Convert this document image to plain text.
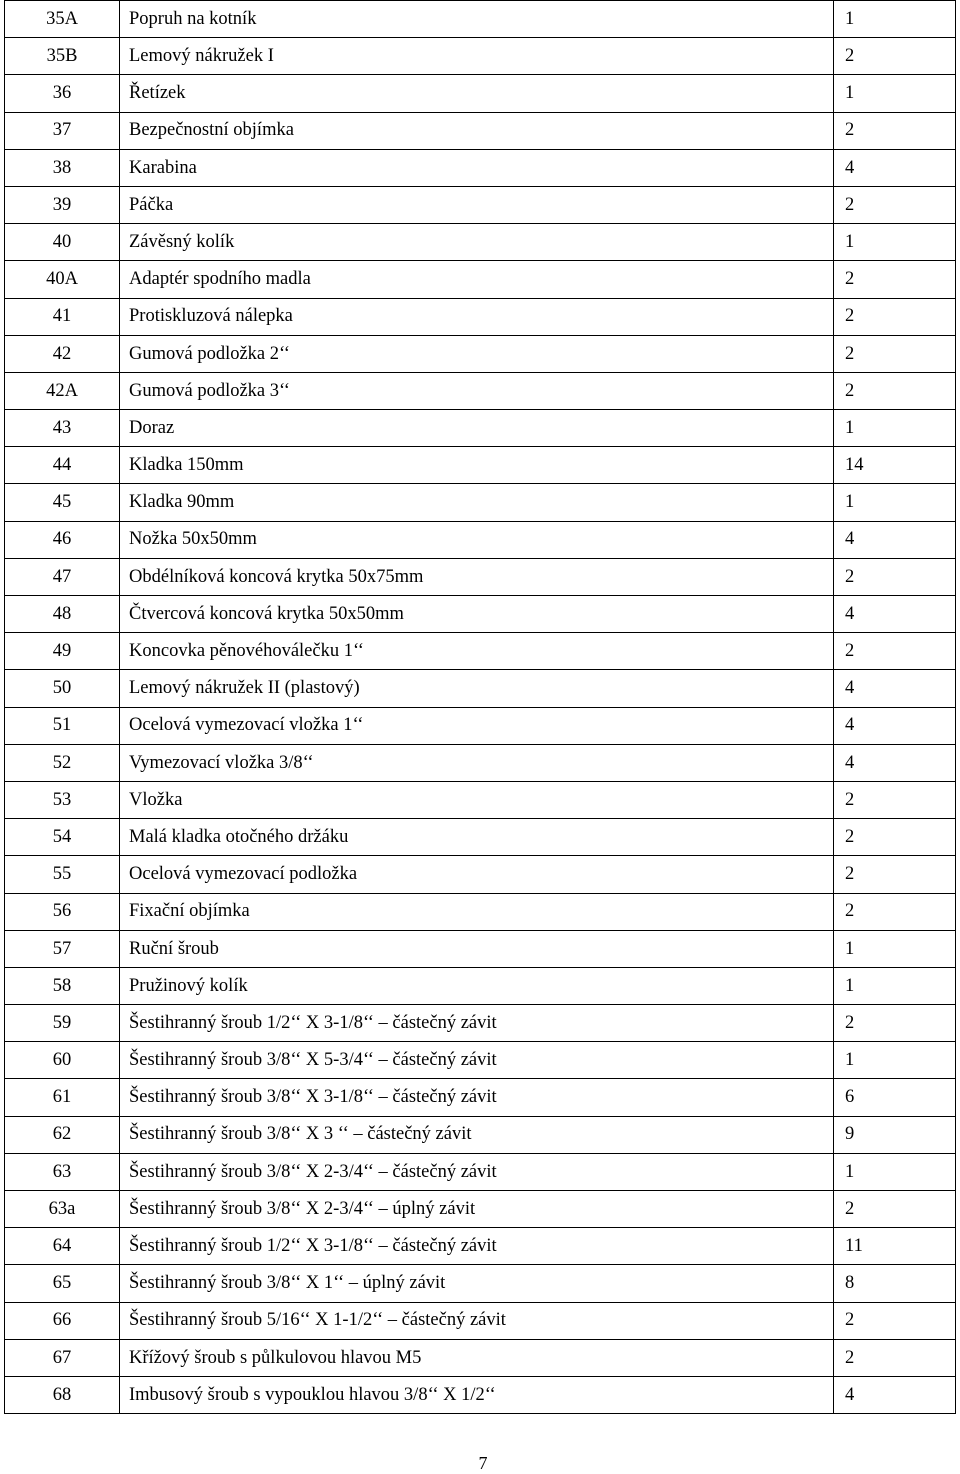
35A	Popruh na kotník	1
35B	Lemový nákružek I	2
36	Řetízek	1
37	Bezpečnostní objímka	2
38	Karabina	4
39	Páčka	2
40	Závěsný kolík	1
40A	Adaptér spodního madla	2
41	Protiskluzová nálepka	2
42	Gumová podložka 2‘‘	2
42A	Gumová podložka 3‘‘	2
43	Doraz	1
44	Kladka 150mm	14
45	Kladka 90mm	1
46	Nožka 50x50mm	4
47	Obdélníková koncová krytka 50x75mm	2
48	Čtvercová koncová krytka 50x50mm	4
49	Koncovka pěnovéhoválečku 1‘‘	2
50	Lemový nákružek II (plastový)	4
51	Ocelová vymezovací vložka 1‘‘	4
52	Vymezovací vložka 3/8‘‘	4
53	Vložka	2
54	Malá kladka otočného držáku	2
55	Ocelová vymezovací podložka	2
56	Fixační objímka	2
57	Ruční šroub	1
58	Pružinový kolík	1
59	Šestihranný šroub 1/2‘‘ X 3-1/8‘‘ – částečný závit	2
60	Šestihranný šroub 3/8‘‘ X 5-3/4‘‘ – částečný závit	1
61	Šestihranný šroub 3/8‘‘ X 3-1/8‘‘ – částečný závit	6
62	Šestihranný šroub 3/8‘‘ X 3 ‘‘ – částečný závit	9
63	Šestihranný šroub 3/8‘‘ X 2-3/4‘‘ – částečný závit	1
63a	Šestihranný šroub 3/8‘‘ X 2-3/4‘‘ – úplný závit	2
64	Šestihranný šroub 1/2‘‘ X 3-1/8‘‘ – částečný závit	11
65	Šestihranný šroub 3/8‘‘ X 1‘‘ – úplný závit	8
66	Šestihranný šroub 5/16‘‘ X 1-1/2‘‘ – částečný závit	2
67	Křížový šroub s půlkulovou hlavou M5	2
68	Imbusový šroub s vypouklou hlavou 3/8‘‘ X 1/2‘‘	4
7
